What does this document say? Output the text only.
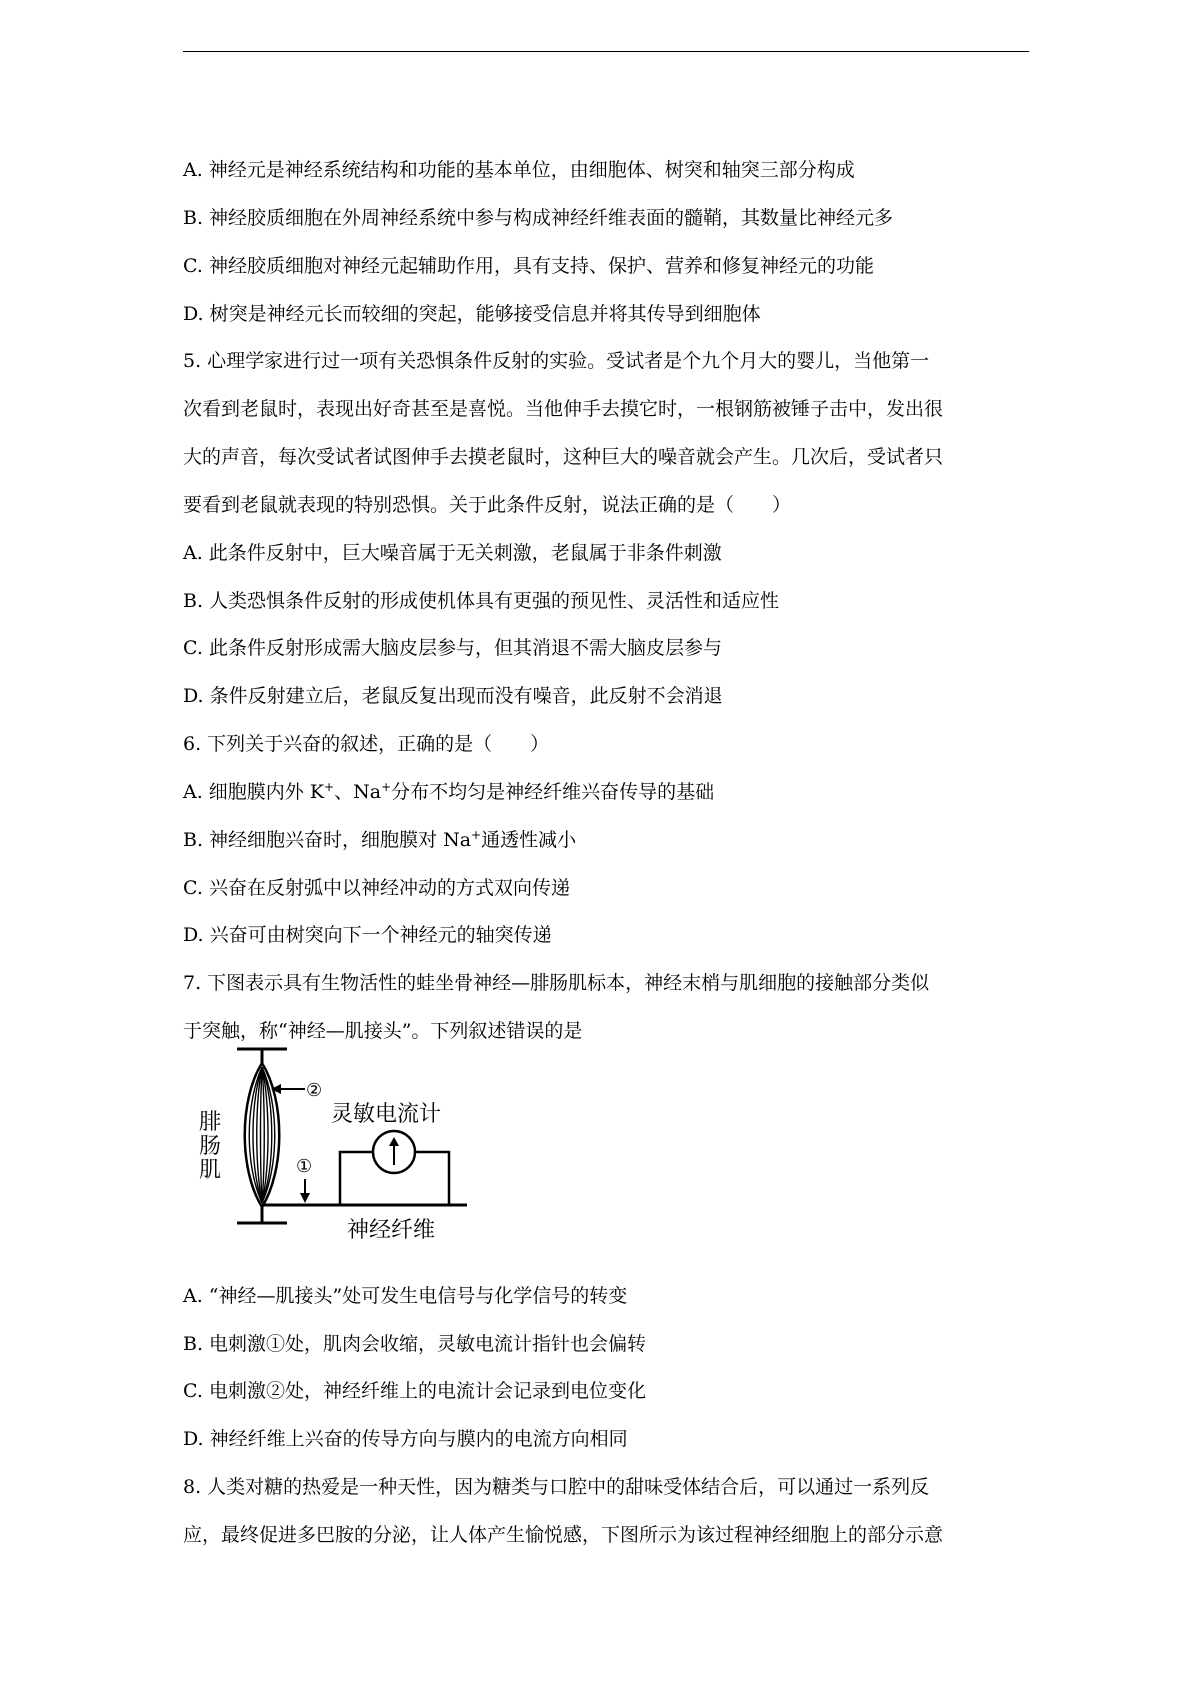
A. 神经元是神经系统结构和功能的基本单位，由细胞体、树突和轴突三部分构成
B. 神经胶质细胞在外周神经系统中参与构成神经纤维表面的髓鞘，其数量比神经元多
C. 神经胶质细胞对神经元起辅助作用，具有支持、保护、营养和修复神经元的功能
D. 树突是神经元长而较细的突起，能够接受信息并将其传导到细胞体
5. 心理学家进行过一项有关恐惧条件反射的实验。受试者是个九个月大的婴儿，当他第一
次看到老鼠时，表现出好奇甚至是喜悦。当他伸手去摸它时，一根钢筋被锤子击中，发出很
大的声音，每次受试者试图伸手去摸老鼠时，这种巨大的噪音就会产生。几次后，受试者只
要看到老鼠就表现的特别恐惧。关于此条件反射，说法正确的是（　　）
A. 此条件反射中，巨大噪音属于无关刺激，老鼠属于非条件刺激
B. 人类恐惧条件反射的形成使机体具有更强的预见性、灵活性和适应性
C. 此条件反射形成需大脑皮层参与，但其消退不需大脑皮层参与
D. 条件反射建立后，老鼠反复出现而没有噪音，此反射不会消退
6. 下列关于兴奋的叙述，正确的是（　　）
A. 细胞膜内外 K+、Na+分布不均匀是神经纤维兴奋传导的基础
B. 神经细胞兴奋时，细胞膜对 Na+通透性减小
C. 兴奋在反射弧中以神经冲动的方式双向传递
D. 兴奋可由树突向下一个神经元的轴突传递
7. 下图表示具有生物活性的蛙坐骨神经—腓肠肌标本，神经末梢与肌细胞的接触部分类似
于突触，称“神经—肌接头”。下列叙述错误的是
②
腓
肠
肌	①
灵敏电流计
神经纤维
A. “神经—肌接头”处可发生电信号与化学信号的转变
B. 电刺激①处，肌肉会收缩，灵敏电流计指针也会偏转
C. 电刺激②处，神经纤维上的电流计会记录到电位变化
D. 神经纤维上兴奋的传导方向与膜内的电流方向相同
8. 人类对糖的热爱是一种天性，因为糖类与口腔中的甜味受体结合后，可以通过一系列反
应，最终促进多巴胺的分泌，让人体产生愉悦感，下图所示为该过程神经细胞上的部分示意
